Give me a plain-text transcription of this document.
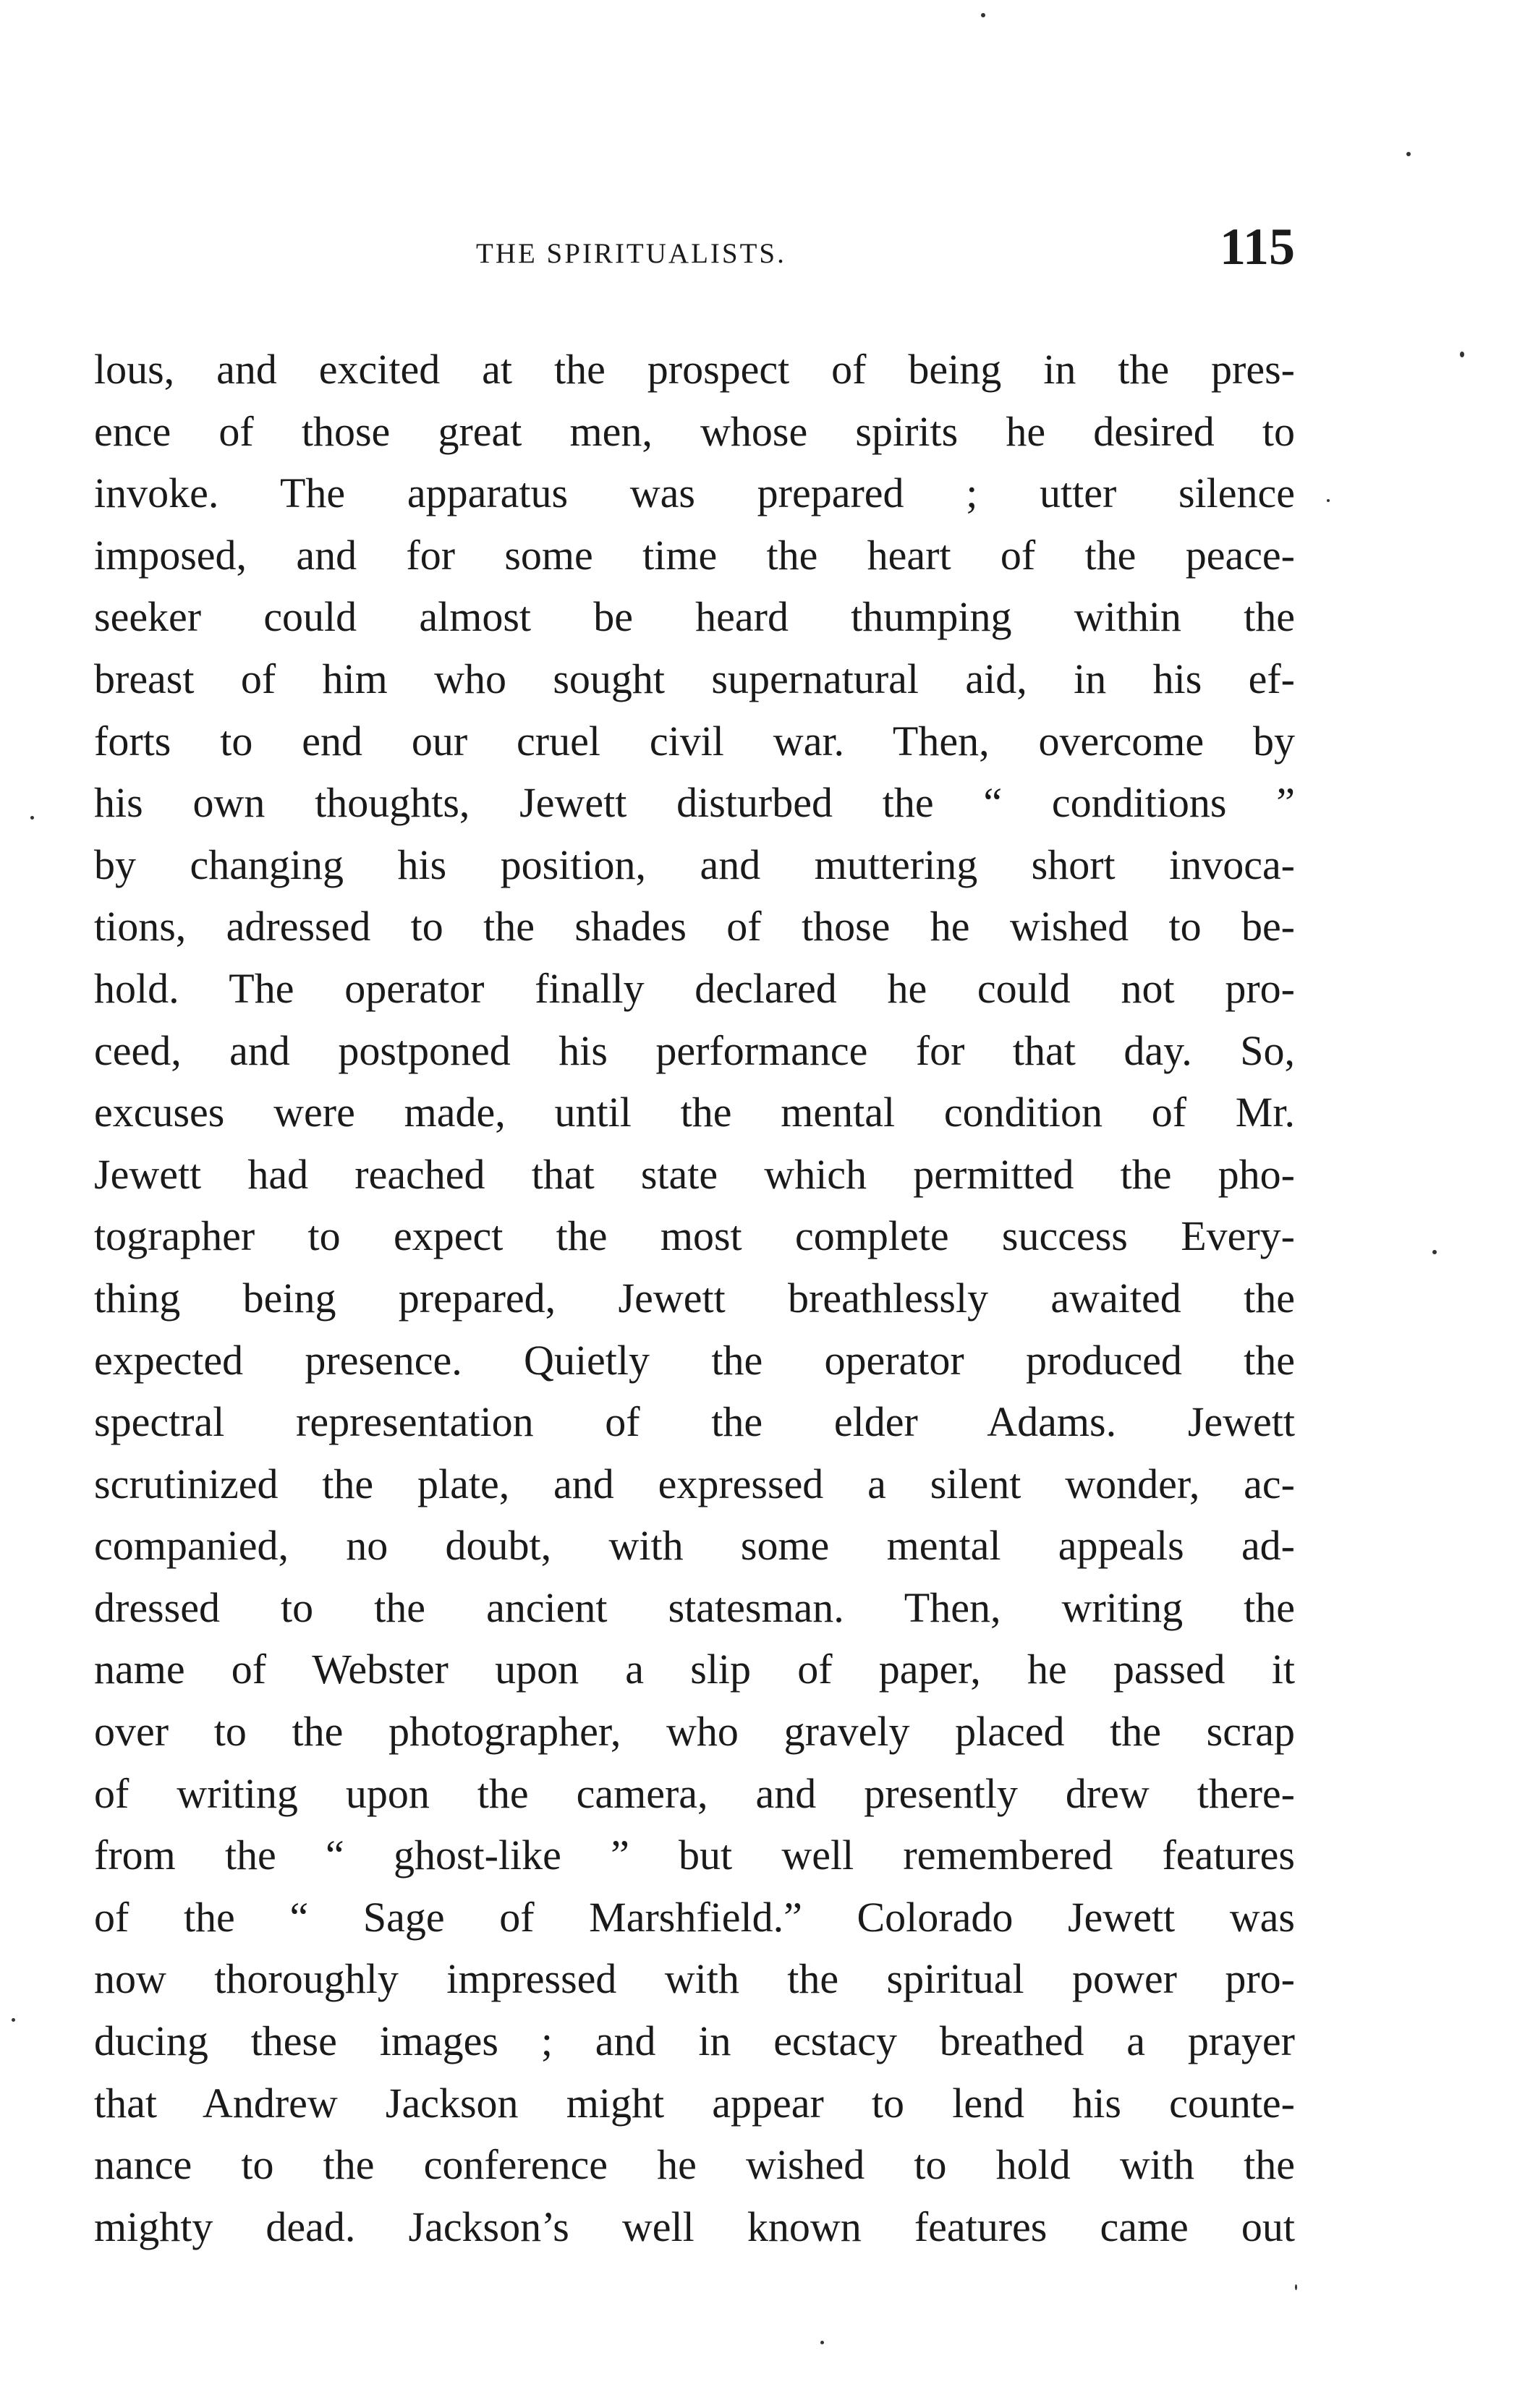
THE SPIRITUALISTS.	115
lous, and excited at the prospect of being in the pres-
ence of those great men, whose spirits he desired to
invoke. The apparatus was prepared ; utter silence
imposed, and for some time the heart of the peace-
seeker could almost be heard thumping within the
breast of him who sought supernatural aid, in his ef-
forts to end our cruel civil war. Then, overcome by
his own thoughts, Jewett disturbed the “ conditions ”
by changing his position, and muttering short invoca-
tions, adressed to the shades of those he wished to be-
hold. The operator finally declared he could not pro-
ceed, and postponed his performance for that day. So,
excuses were made, until the mental condition of Mr.
Jewett had reached that state which permitted the pho-
tographer to expect the most complete success Every-
thing being prepared, Jewett breathlessly awaited the
expected presence. Quietly the operator produced the
spectral representation of the elder Adams. Jewett
scrutinized the plate, and expressed a silent wonder, ac-
companied, no doubt, with some mental appeals ad-
dressed to the ancient statesman. Then, writing the
name of Webster upon a slip of paper, he passed it
over to the photographer, who gravely placed the scrap
of writing upon the camera, and presently drew there-
from the “ ghost-like ” but well remembered features
of the “ Sage of Marshfield.” Colorado Jewett was
now thoroughly impressed with the spiritual power pro-
ducing these images ; and in ecstacy breathed a prayer
that Andrew Jackson might appear to lend his counte-
nance to the conference he wished to hold with the
mighty dead. Jackson’s well known features came out
